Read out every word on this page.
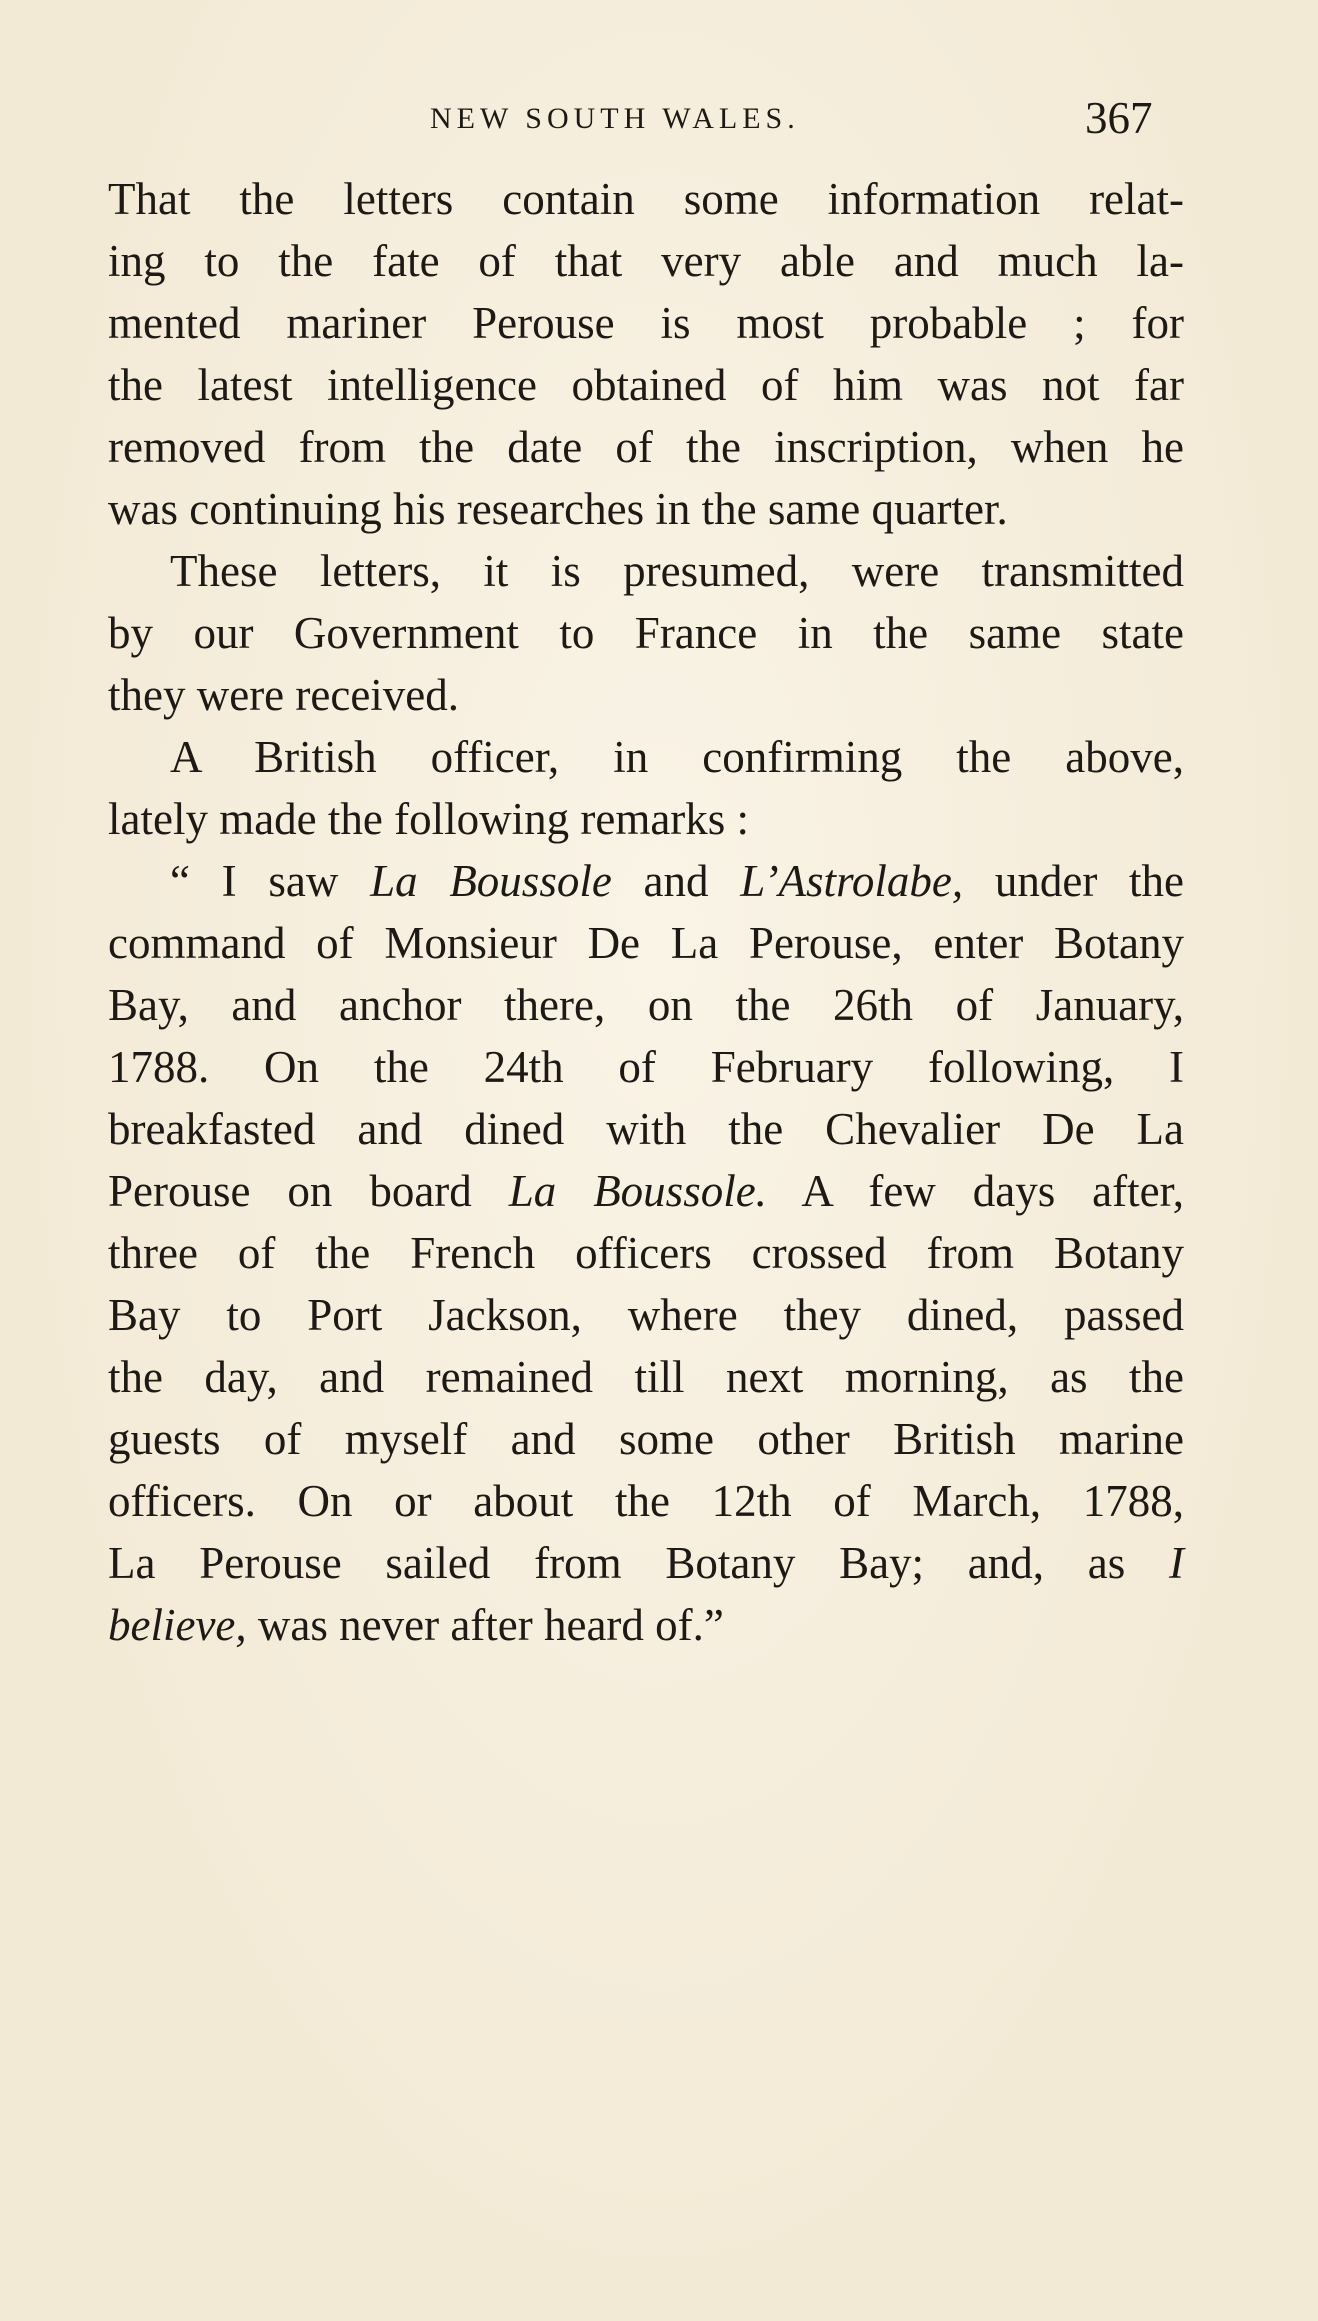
NEW SOUTH WALES.	367
That the letters contain some information relat-
ing to the fate of that very able and much la-
mented mariner Perouse is most probable ; for
the latest intelligence obtained of him was not far
removed from the date of the inscription, when he
was continuing his researches in the same quarter.
These letters, it is presumed, were transmitted
by our Government to France in the same state
they were received.
A British officer, in confirming the above,
lately made the following remarks :
“ I saw La Boussole and L’Astrolabe, under the
command of Monsieur De La Perouse, enter Botany
Bay, and anchor there, on the 26th of January,
1788. On the 24th of February following, I
breakfasted and dined with the Chevalier De La
Perouse on board La Boussole. A few days after,
three of the French officers crossed from Botany
Bay to Port Jackson, where they dined, passed
the day, and remained till next morning, as the
guests of myself and some other British marine
officers. On or about the 12th of March, 1788,
La Perouse sailed from Botany Bay; and, as I
believe, was never after heard of.”
